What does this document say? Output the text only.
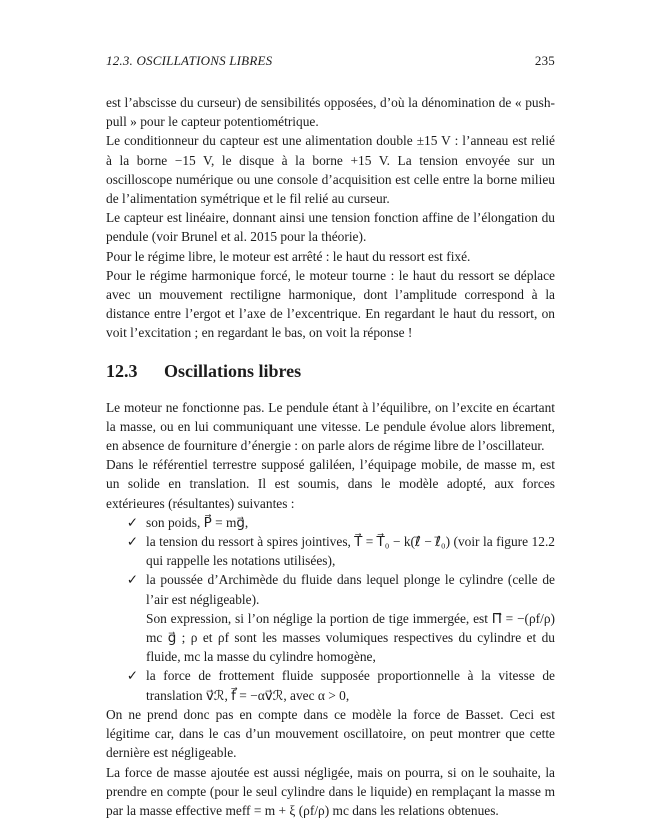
12.3. OSCILLATIONS LIBRES	235

est l’abscisse du curseur) de sensibilités opposées, d’où la dénomination de « push-pull » pour le capteur potentiométrique.

Le conditionneur du capteur est une alimentation double ±15 V : l’anneau est relié à la borne −15 V, le disque à la borne +15 V. La tension envoyée sur un oscilloscope numérique ou une console d’acquisition est celle entre la borne milieu de l’alimentation symétrique et le fil relié au curseur.

Le capteur est linéaire, donnant ainsi une tension fonction affine de l’élongation du pendule (voir Brunel et al. 2015 pour la théorie).

Pour le régime libre, le moteur est arrêté : le haut du ressort est fixé.

Pour le régime harmonique forcé, le moteur tourne : le haut du ressort se déplace avec un mouvement rectiligne harmonique, dont l’amplitude correspond à la distance entre l’ergot et l’axe de l’excentrique. En regardant le haut du ressort, on voit l’excitation ; en regardant le bas, on voit la réponse !

12.3	Oscillations libres

Le moteur ne fonctionne pas. Le pendule étant à l’équilibre, on l’excite en écartant la masse, ou en lui communiquant une vitesse. Le pendule évolue alors librement, en absence de fourniture d’énergie : on parle alors de régime libre de l’oscillateur.

Dans le référentiel terrestre supposé galiléen, l’équipage mobile, de masse m, est un solide en translation. Il est soumis, dans le modèle adopté, aux forces extérieures (résultantes) suivantes :

✓ son poids, P⃗ = mg⃗,
✓ la tension du ressort à spires jointives, T⃗ = T⃗₀ − k(ℓ⃗ − ℓ⃗₀) (voir la figure 12.2 qui rappelle les notations utilisées),
✓ la poussée d’Archimède du fluide dans lequel plonge le cylindre (celle de l’air est négligeable).

Son expression, si l’on néglige la portion de tige immergée, est Π⃗ = −(ρf/ρ) mc g⃗ ; ρ et ρf sont les masses volumiques respectives du cylindre et du fluide, mc la masse du cylindre homogène,

✓ la force de frottement fluide supposée proportionnelle à la vitesse de translation v⃗ℛ, f⃗ = −αv⃗ℛ, avec α > 0,

On ne prend donc pas en compte dans ce modèle la force de Basset. Ceci est légitime car, dans le cas d’un mouvement oscillatoire, on peut montrer que cette dernière est négligeable.

La force de masse ajoutée est aussi négligée, mais on pourra, si on le souhaite, la prendre en compte (pour le seul cylindre dans le liquide) en remplaçant la masse m par la masse effective meff = m + ξ (ρf/ρ) mc dans les relations obtenues.
